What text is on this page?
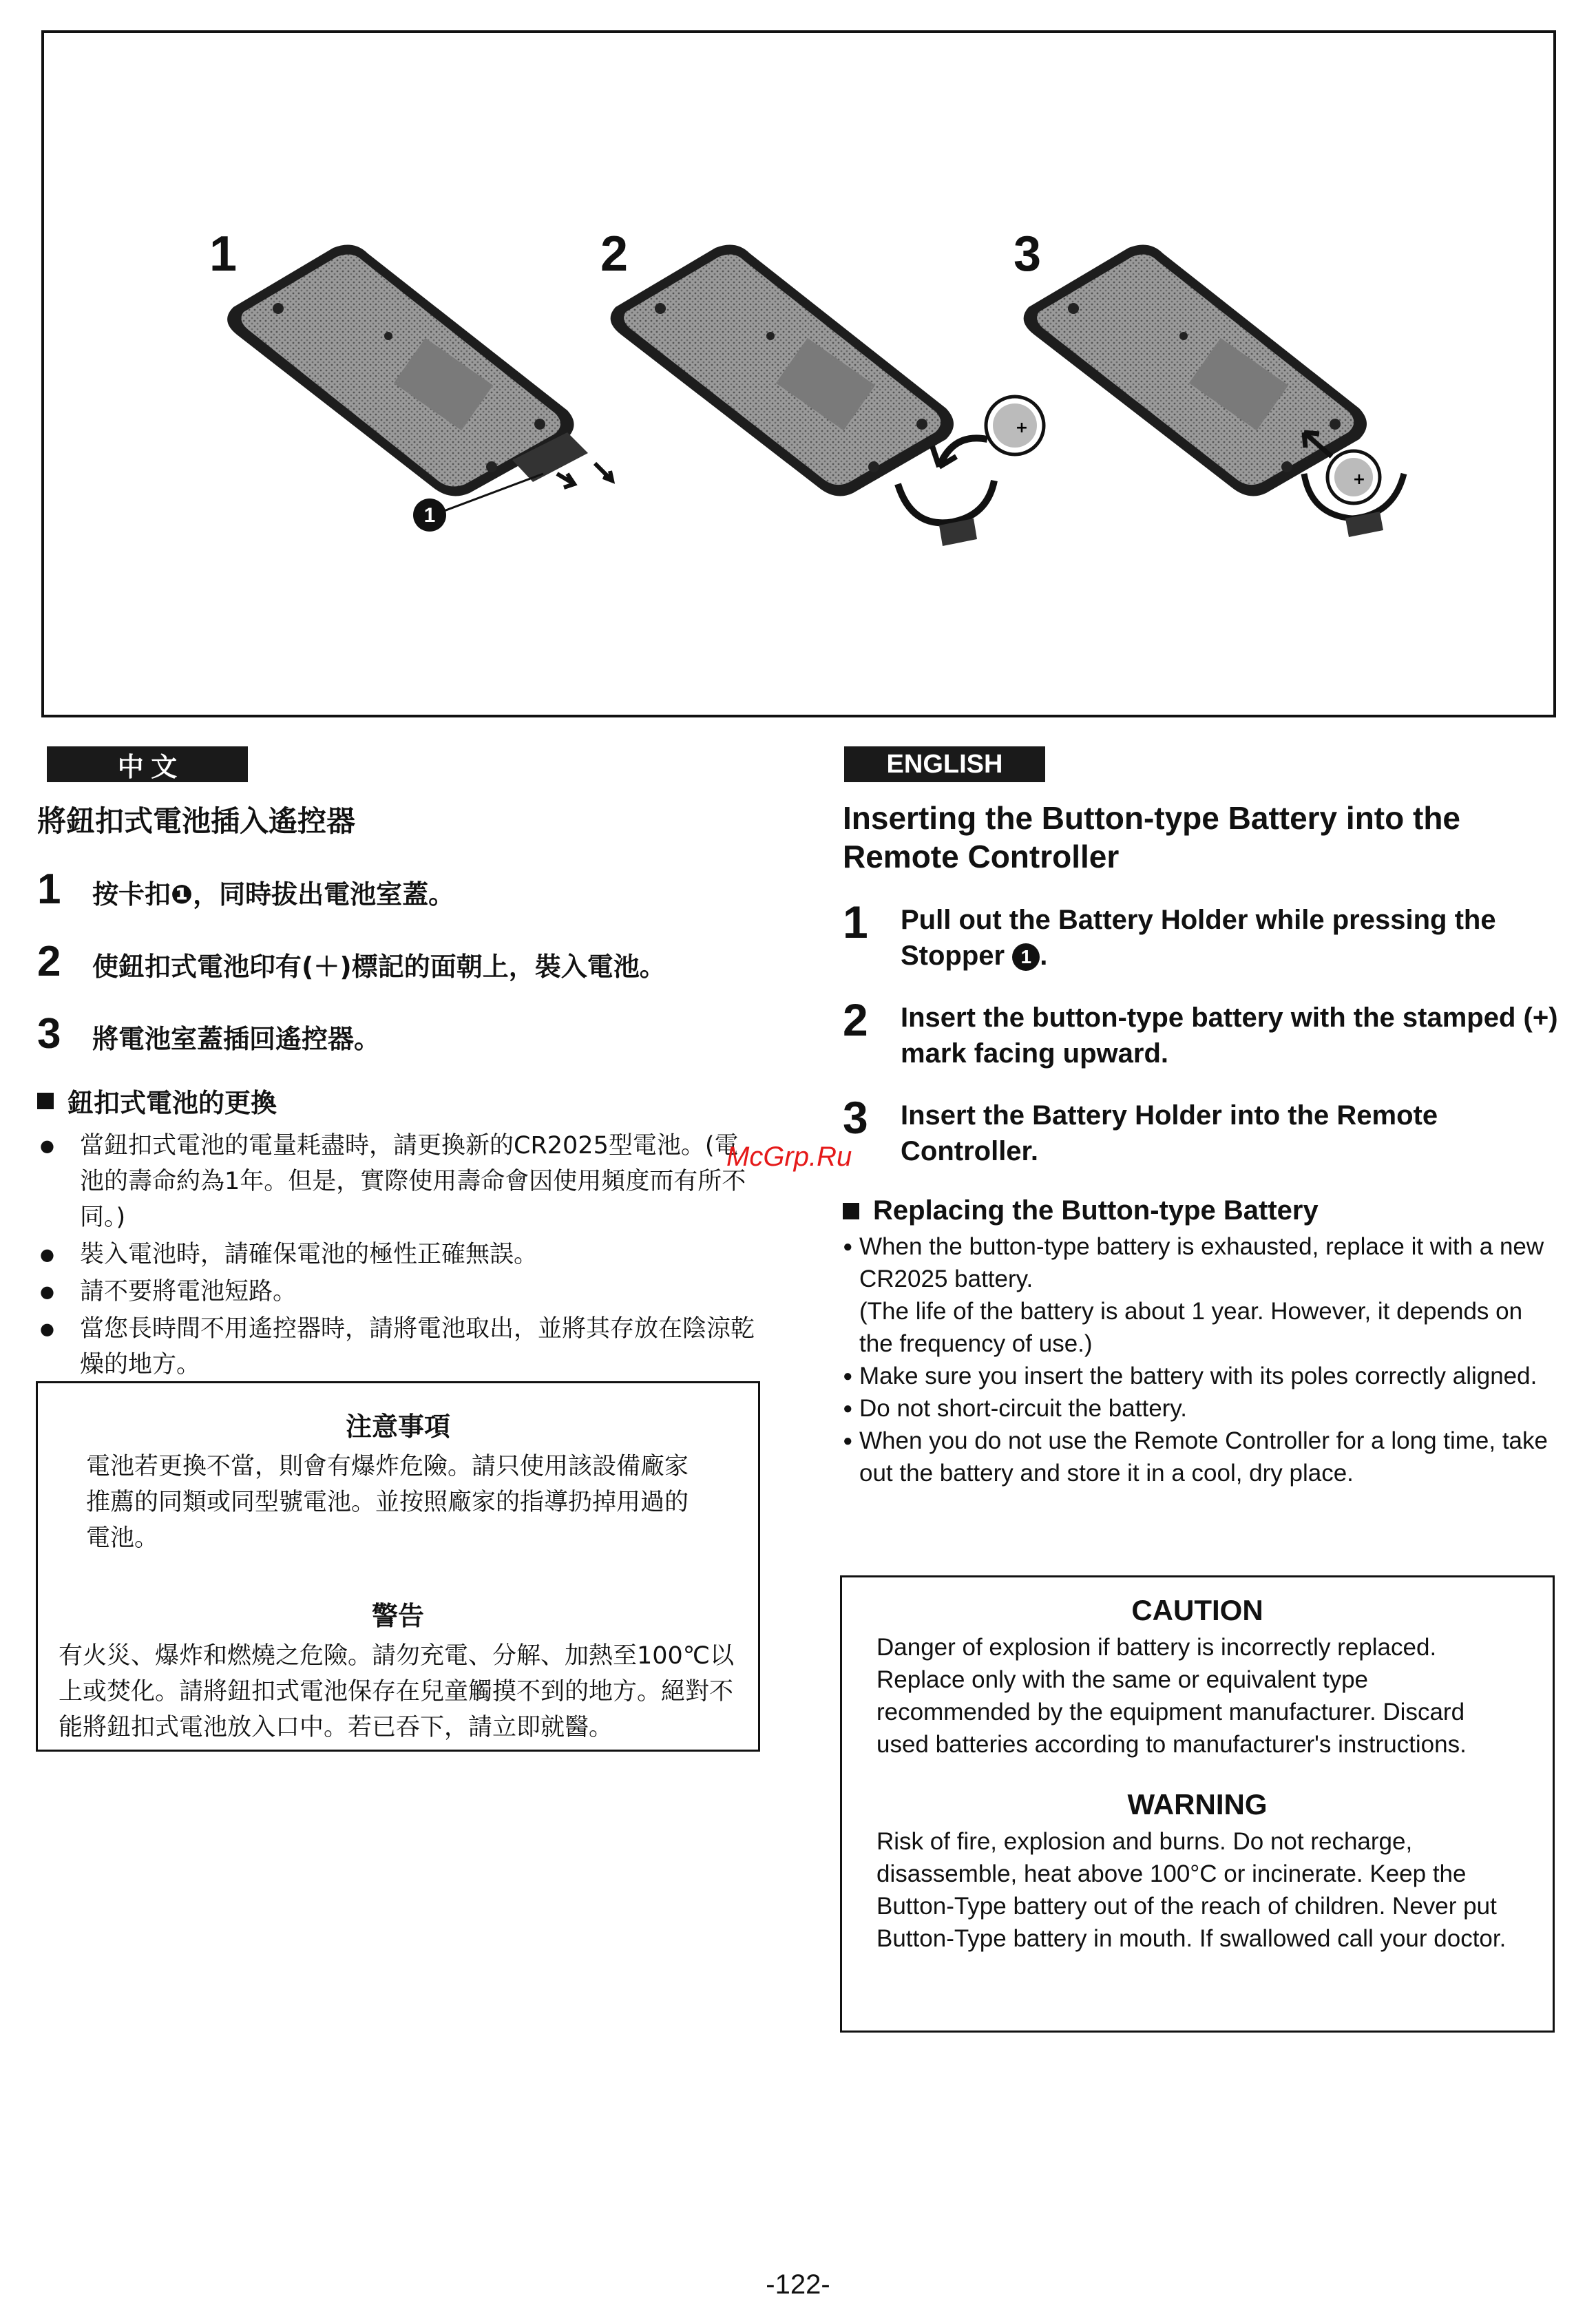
1
+
+
1	2	3
中 文
將鈕扣式電池插入遙控器
1	按卡扣❶，同時拔出電池室蓋。
2	使鈕扣式電池印有(＋)標記的面朝上，裝入電池。
3	將電池室蓋插回遙控器。
鈕扣式電池的更換
● 當鈕扣式電池的電量耗盡時，請更換新的CR2025型電池。(電池的壽命約為1年。但是，實際使用壽命會因使用頻度而有所不同。)
● 裝入電池時，請確保電池的極性正確無誤。
● 請不要將電池短路。
● 當您長時間不用遙控器時，請將電池取出，並將其存放在陰涼乾燥的地方。
注意事項

電池若更換不當，則會有爆炸危險。請只使用該設備廠家推薦的同類或同型號電池。並按照廠家的指導扔掉用過的電池。

警告

有火災、爆炸和燃燒之危險。請勿充電、分解、加熱至100℃以上或焚化。請將鈕扣式電池保存在兒童觸摸不到的地方。絕對不能將鈕扣式電池放入口中。若已吞下，請立即就醫。

ENGLISH
Inserting the Button-type Battery into the Remote Controller
1	Pull out the Battery Holder while pressing the Stopper 1 .
2	Insert the button-type battery with the stamped (+) mark facing upward.
3	Insert the Battery Holder into the Remote Controller.
Replacing the Button-type Battery
● When the button-type battery is exhausted, replace it with a new CR2025 battery.
(The life of the battery is about 1 year. However, it depends on the frequency of use.)
● Make sure you insert the battery with its poles correctly aligned.
● Do not short-circuit the battery.
● When you do not use the Remote Controller for a long time, take out the battery and store it in a cool, dry place.
CAUTION

Danger of explosion if battery is incorrectly replaced. Replace only with the same or equivalent type recommended by the equipment manufacturer. Discard used batteries according to manufacturer's instructions.

WARNING

Risk of fire, explosion and burns. Do not recharge, disassemble, heat above 100°C or incinerate. Keep the Button-Type battery out of the reach of children. Never put Button-Type battery in mouth. If swallowed call your doctor.

McGrp.Ru
-122-
